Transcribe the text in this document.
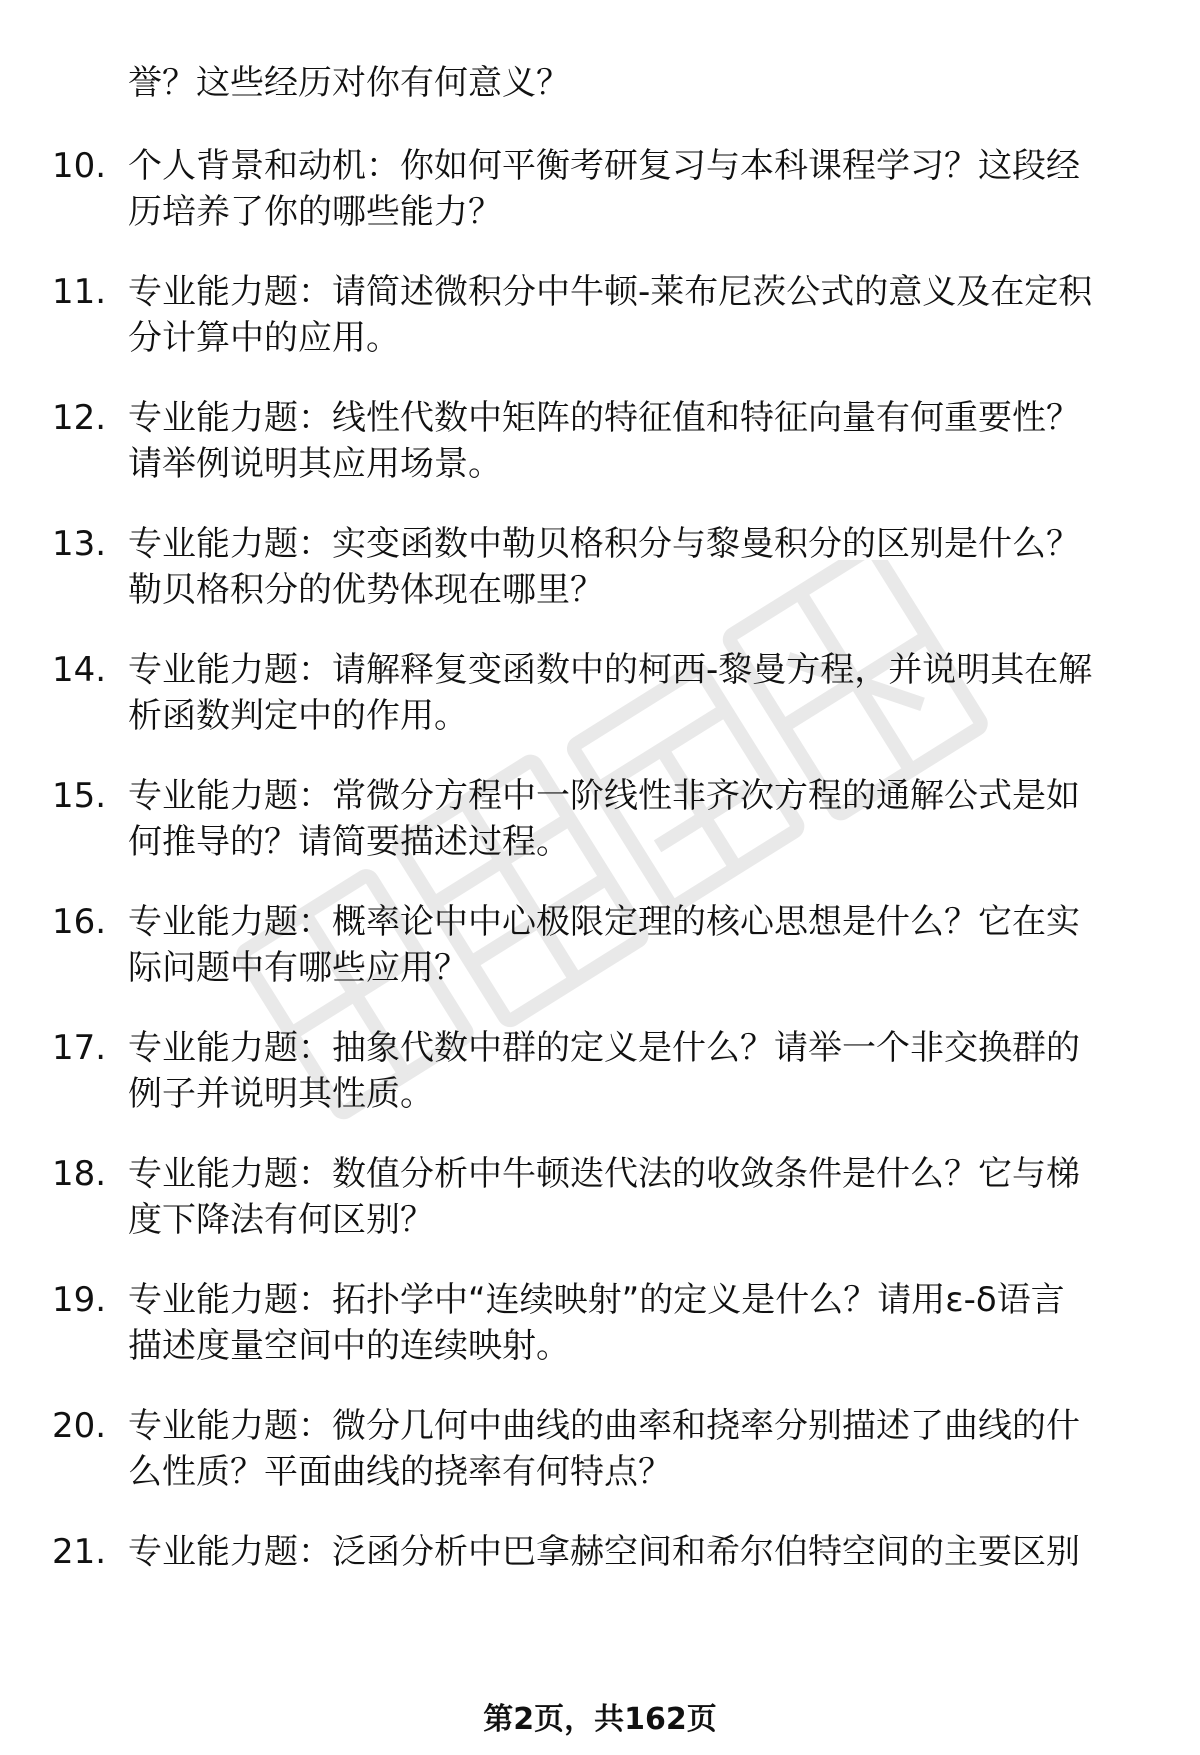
誉？这些经历对你有何意义？
10. 个人背景和动机：你如何平衡考研复习与本科课程学习？这段经
历培养了你的哪些能力？
11. 专业能力题：请简述微积分中牛顿-莱布尼茨公式的意义及在定积
分计算中的应用。
12. 专业能力题：线性代数中矩阵的特征值和特征向量有何重要性？
请举例说明其应用场景。
13. 专业能力题：实变函数中勒贝格积分与黎曼积分的区别是什么？
勒贝格积分的优势体现在哪里？
14. 专业能力题：请解释复变函数中的柯西-黎曼方程，并说明其在解
析函数判定中的作用。
15. 专业能力题：常微分方程中一阶线性非齐次方程的通解公式是如
何推导的？请简要描述过程。
16. 专业能力题：概率论中中心极限定理的核心思想是什么？它在实
际问题中有哪些应用？
17. 专业能力题：抽象代数中群的定义是什么？请举一个非交换群的
例子并说明其性质。
18. 专业能力题：数值分析中牛顿迭代法的收敛条件是什么？它与梯
度下降法有何区别？
19. 专业能力题：拓扑学中“连续映射”的定义是什么？请用ε-δ语言
描述度量空间中的连续映射。
20. 专业能力题：微分几何中曲线的曲率和挠率分别描述了曲线的什
么性质？平面曲线的挠率有何特点？
21. 专业能力题：泛函分析中巴拿赫空间和希尔伯特空间的主要区别
第2页，共162页
